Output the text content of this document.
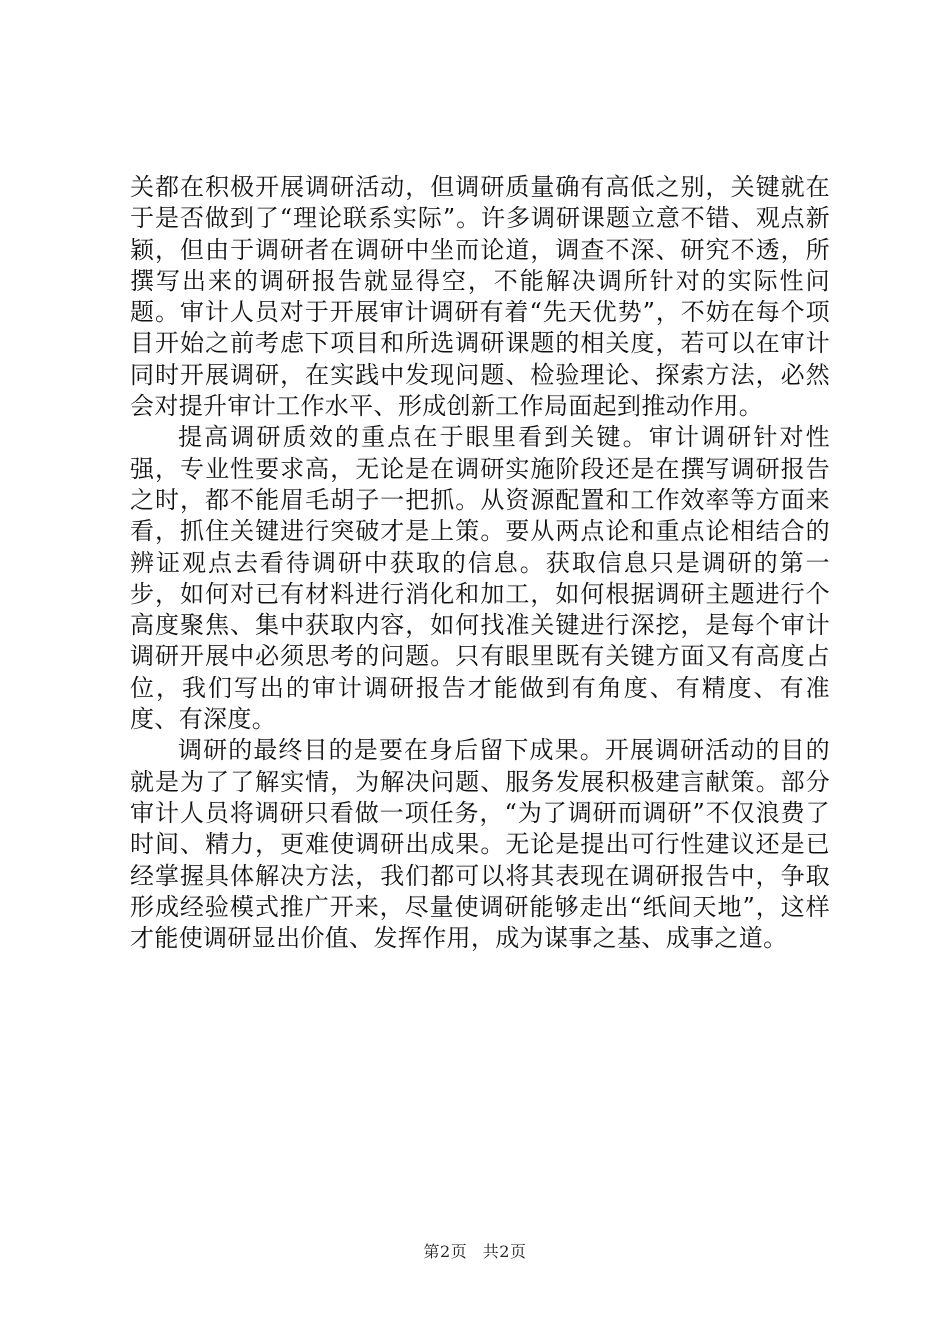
关都在积极开展调研活动，但调研质量确有高低之别，关键就在于是否做到了“理论联系实际”。许多调研课题立意不错、观点新颖，但由于调研者在调研中坐而论道，调查不深、研究不透，所撰写出来的调研报告就显得空，不能解决调所针对的实际性问题。审计人员对于开展审计调研有着“先天优势”，不妨在每个项目开始之前考虑下项目和所选调研课题的相关度，若可以在审计同时开展调研，在实践中发现问题、检验理论、探索方法，必然会对提升审计工作水平、形成创新工作局面起到推动作用。

提高调研质效的重点在于眼里看到关键。审计调研针对性强，专业性要求高，无论是在调研实施阶段还是在撰写调研报告之时，都不能眉毛胡子一把抓。从资源配置和工作效率等方面来看，抓住关键进行突破才是上策。要从两点论和重点论相结合的辨证观点去看待调研中获取的信息。获取信息只是调研的第一步，如何对已有材料进行消化和加工，如何根据调研主题进行个高度聚焦、集中获取内容，如何找准关键进行深挖，是每个审计调研开展中必须思考的问题。只有眼里既有关键方面又有高度占位，我们写出的审计调研报告才能做到有角度、有精度、有准度、有深度。

调研的最终目的是要在身后留下成果。开展调研活动的目的就是为了了解实情，为解决问题、服务发展积极建言献策。部分审计人员将调研只看做一项任务，“为了调研而调研”不仅浪费了时间、精力，更难使调研出成果。无论是提出可行性建议还是已经掌握具体解决方法，我们都可以将其表现在调研报告中，争取形成经验模式推广开来，尽量使调研能够走出“纸间天地”，这样才能使调研显出价值、发挥作用，成为谋事之基、成事之道。

第2页 共2页
